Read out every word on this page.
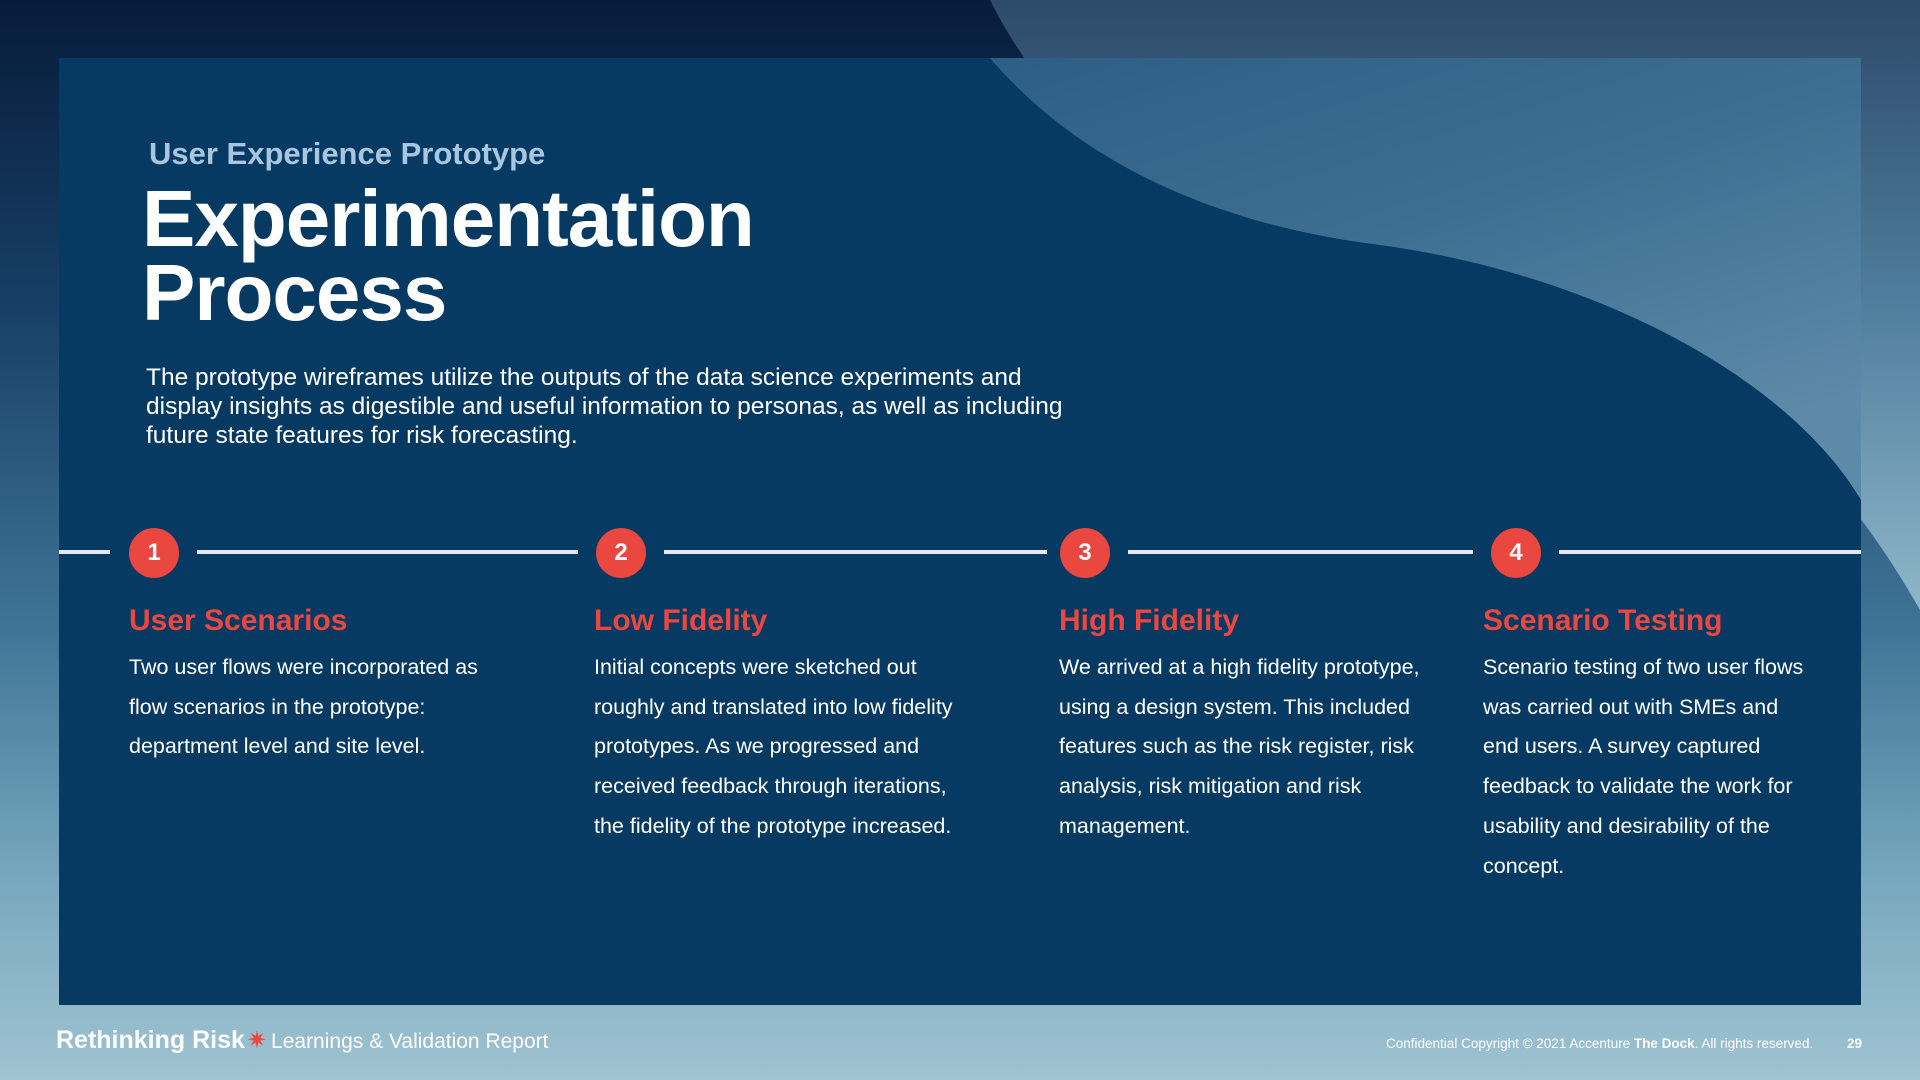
User Experience Prototype
Experimentation
Process
The prototype wireframes utilize the outputs of the data science experiments and display insights as digestible and useful information to personas, as well as including future state features for risk forecasting.
1
User Scenarios
Two user flows were incorporated as flow scenarios in the prototype: department level and site level.
2
Low Fidelity
Initial concepts were sketched out roughly and translated into low fidelity prototypes. As we progressed and received feedback through iterations, the fidelity of the prototype increased.
3
High Fidelity
We arrived at a high fidelity prototype, using a design system. This included features such as the risk register, risk analysis, risk mitigation and risk management.
4
Scenario Testing
Scenario testing of two user flows was carried out with SMEs and end users. A survey captured feedback to validate the work for usability and desirability of the concept.
Rethinking Risk✷ Learnings & Validation Report	Confidential Copyright © 2021 Accenture The Dock. All rights reserved.	29
